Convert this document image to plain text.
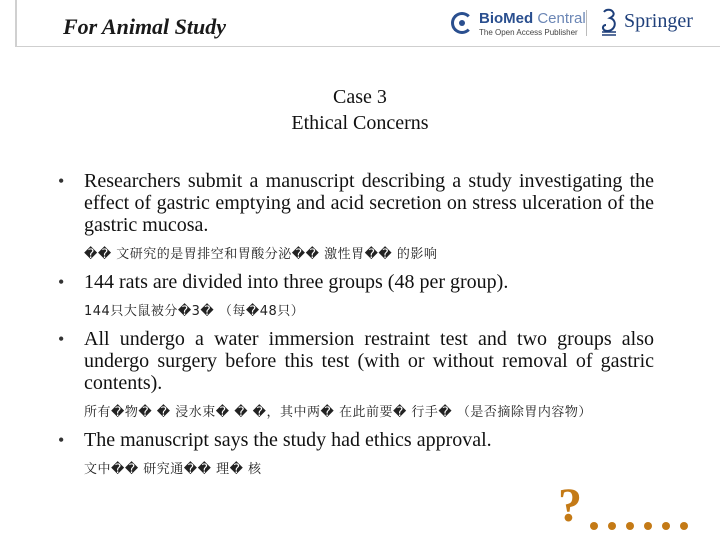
For Animal Study	BioMed Central
The Open Access Publisher
Springer
Case 3
Ethical Concerns
• Researchers submit a manuscript describing a study investigating the effect of gastric emptying and acid secretion on stress ulceration of the gastric mucosa.
�� 文研究的是胃排空和胃酸分泌�� 激性胃�� 的影响
• 144 rats are divided into three groups (48 per group).
144只大鼠被分�3� （每�48只）
• All undergo a water immersion restraint test and two groups also undergo surgery before this test (with or without removal of gastric contents).
所有�物� � 浸水束� � �，其中两� 在此前要� 行手� （是否摘除胃内容物）
• The manuscript says the study had ethics approval.
文中�� 研究通�� 理� 核
?
